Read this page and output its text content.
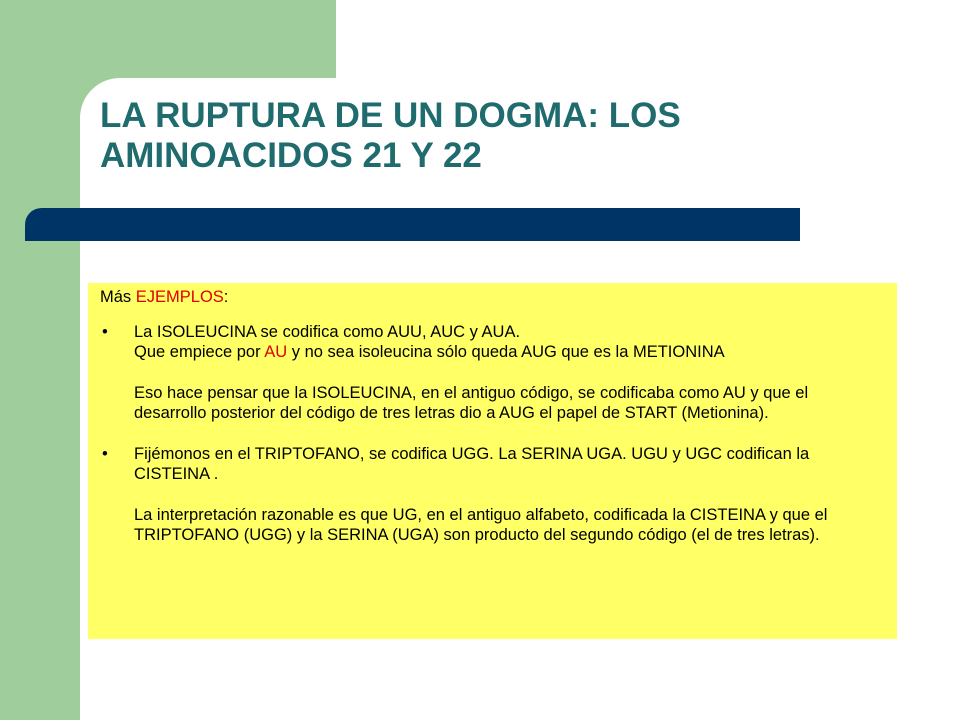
LA RUPTURA DE UN DOGMA: LOS AMINOACIDOS 21 Y 22

Más EJEMPLOS:

• La ISOLEUCINA se codifica como AUU, AUC y AUA.

Que empiece por AU y no sea isoleucina sólo queda AUG que es la METIONINA

Eso hace pensar que la ISOLEUCINA, en el antiguo código, se codificaba como AU y que el desarrollo posterior del código de tres letras dio a AUG el papel de START (Metionina).

• Fijémonos en el TRIPTOFANO, se codifica UGG. La SERINA UGA. UGU y UGC codifican la CISTEINA .

La interpretación razonable es que UG, en el antiguo alfabeto, codificada la CISTEINA y que el TRIPTOFANO (UGG) y la SERINA (UGA) son producto del segundo código (el de tres letras).
